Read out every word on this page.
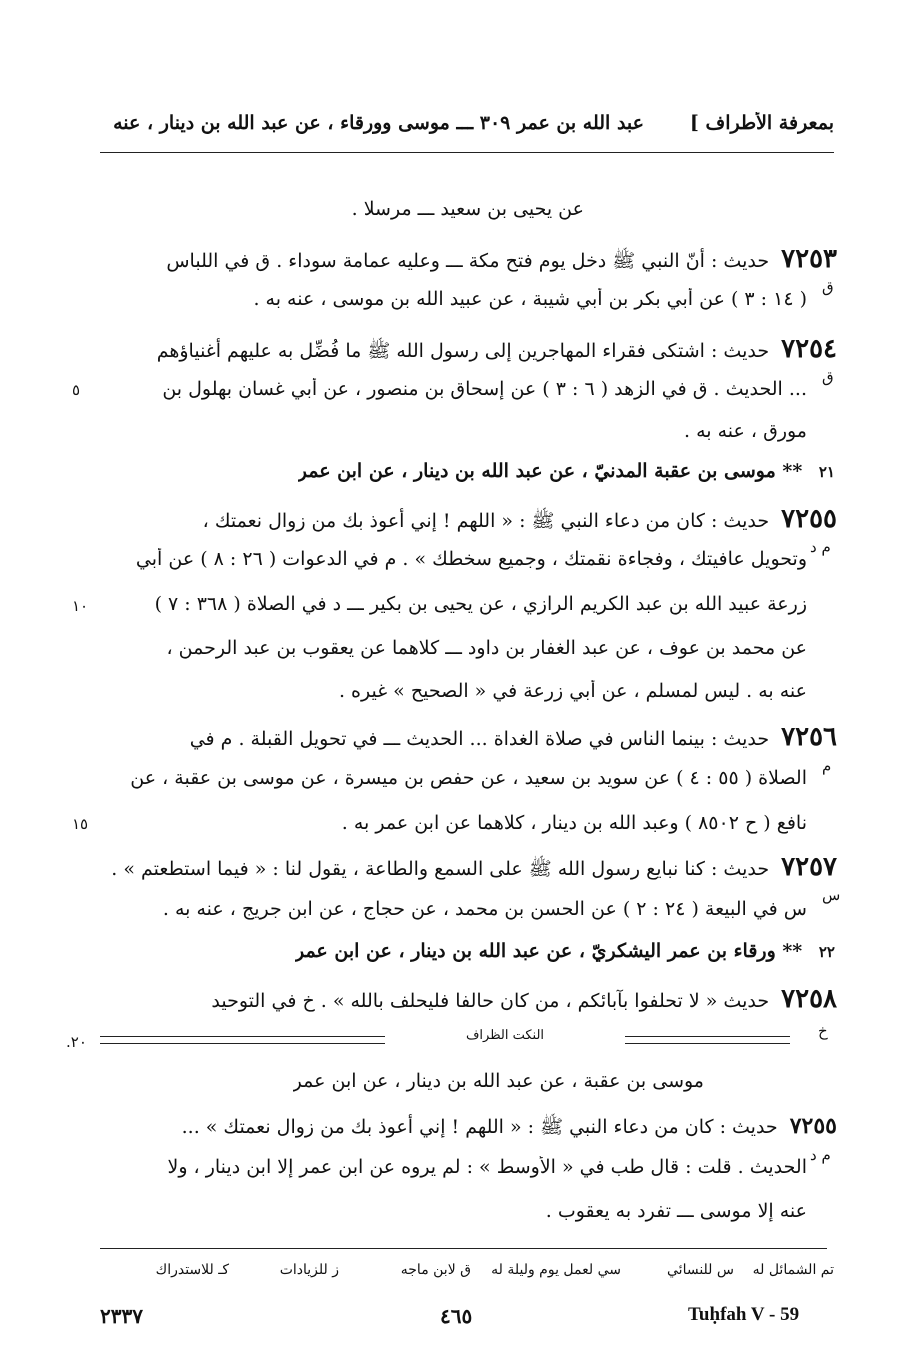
بمعرفة الأطراف ]
عبد الله بن عمر ٣٠٩ ـــ موسى وورقاء ، عن عبد الله بن دينار ، عنه
عن يحيى بن سعيد ـــ مرسلا .
٧٢٥٣ حديث : أنّ النبي ﷺ دخل يوم فتح مكة ـــ وعليه عمامة سوداء . ق في اللباس
ق
( ١٤ : ٣ ) عن أبي بكر بن أبي شيبة ، عن عبيد الله بن موسى ، عنه به .
٧٢٥٤ حديث : اشتكى فقراء المهاجرين إلى رسول الله ﷺ ما فُضِّل به عليهم أغنياؤهم
ق
... الحديث . ق في الزهد ( ٦ : ٣ ) عن إسحاق بن منصور ، عن أبي غسان بهلول بن
٥
مورق ، عنه به .
٢١ ** موسى بن عقبة المدنيّ ، عن عبد الله بن دينار ، عن ابن عمر
٧٢٥٥ حديث : كان من دعاء النبي ﷺ : « اللهم ! إني أعوذ بك من زوال نعمتك ،
م د
وتحويل عافيتك ، وفجاءة نقمتك ، وجميع سخطك » . م في الدعوات ( ٢٦ : ٨ ) عن أبي
زرعة عبيد الله بن عبد الكريم الرازي ، عن يحيى بن بكير ـــ د في الصلاة ( ٣٦٨ : ٧ )
١٠
عن محمد بن عوف ، عن عبد الغفار بن داود ـــ كلاهما عن يعقوب بن عبد الرحمن ،
عنه به . ليس لمسلم ، عن أبي زرعة في « الصحيح » غيره .
٧٢٥٦ حديث : بينما الناس في صلاة الغداة ... الحديث ـــ في تحويل القبلة . م في
م
الصلاة ( ٥٥ : ٤ ) عن سويد بن سعيد ، عن حفص بن ميسرة ، عن موسى بن عقبة ، عن
نافع ( ح ٨٥٠٢ ) وعبد الله بن دينار ، كلاهما عن ابن عمر به .
١٥
٧٢٥٧ حديث : كنا نبايع رسول الله ﷺ على السمع والطاعة ، يقول لنا : « فيما استطعتم » .
س
س في البيعة ( ٢٤ : ٢ ) عن الحسن بن محمد ، عن حجاج ، عن ابن جريج ، عنه به .
٢٢ ** ورقاء بن عمر اليشكريّ ، عن عبد الله بن دينار ، عن ابن عمر
٧٢٥٨ حديث « لا تحلفوا بآبائكم ، من كان حالفا فليحلف بالله » . خ في التوحيد
خ
.٢٠	النكت الظراف
موسى بن عقبة ، عن عبد الله بن دينار ، عن ابن عمر
٧٢٥٥ حديث : كان من دعاء النبي ﷺ : « اللهم ! إني أعوذ بك من زوال نعمتك » ...
م د
الحديث . قلت : قال طب في « الأوسط » : لم يروه عن ابن عمر إلا ابن دينار ، ولا
عنه إلا موسى ـــ تفرد به يعقوب .
تم الشمائل له
س للنسائي
سي لعمل يوم وليلة له
ق لابن ماجه
ز للزيادات
كـ للاستدراك
٢٣٣٧	٤٦٥	Tuḥfah V - 59
